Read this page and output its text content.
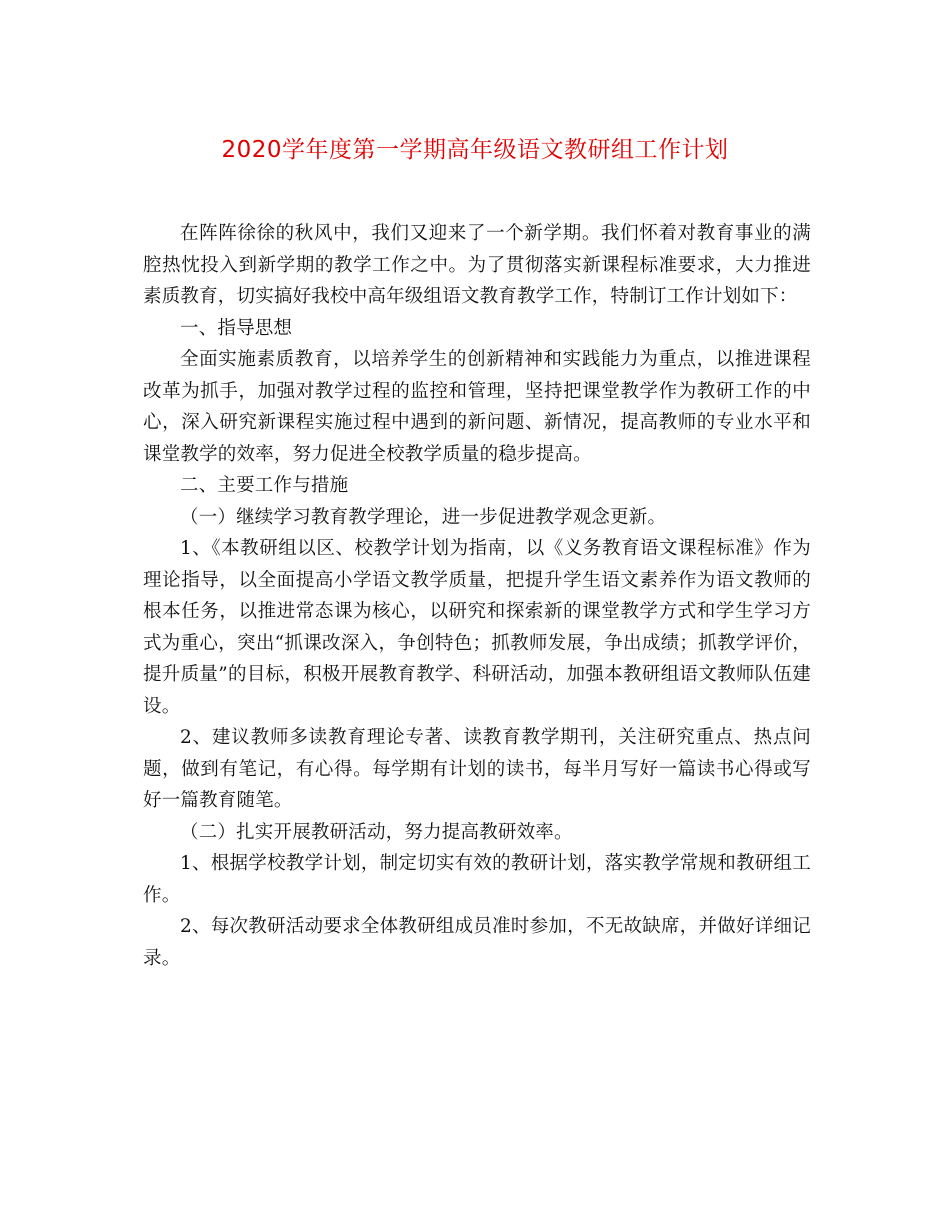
2020学年度第一学期高年级语文教研组工作计划

在阵阵徐徐的秋风中，我们又迎来了一个新学期。我们怀着对教育事业的满腔热忱投入到新学期的教学工作之中。为了贯彻落实新课程标准要求，大力推进素质教育，切实搞好我校中高年级组语文教育教学工作，特制订工作计划如下：

一、指导思想

全面实施素质教育，以培养学生的创新精神和实践能力为重点，以推进课程改革为抓手，加强对教学过程的监控和管理，坚持把课堂教学作为教研工作的中心，深入研究新课程实施过程中遇到的新问题、新情况，提高教师的专业水平和课堂教学的效率，努力促进全校教学质量的稳步提高。

二、主要工作与措施

（一）继续学习教育教学理论，进一步促进教学观念更新。

1、《本教研组以区、校教学计划为指南，以《义务教育语文课程标准》作为理论指导，以全面提高小学语文教学质量，把提升学生语文素养作为语文教师的根本任务，以推进常态课为核心，以研究和探索新的课堂教学方式和学生学习方式为重心，突出“抓课改深入，争创特色；抓教师发展，争出成绩；抓教学评价，提升质量”的目标，积极开展教育教学、科研活动，加强本教研组语文教师队伍建设。

2、建议教师多读教育理论专著、读教育教学期刊，关注研究重点、热点问题，做到有笔记，有心得。每学期有计划的读书，每半月写好一篇读书心得或写好一篇教育随笔。

（二）扎实开展教研活动，努力提高教研效率。

1、根据学校教学计划，制定切实有效的教研计划，落实教学常规和教研组工作。

2、每次教研活动要求全体教研组成员准时参加，不无故缺席，并做好详细记录。
